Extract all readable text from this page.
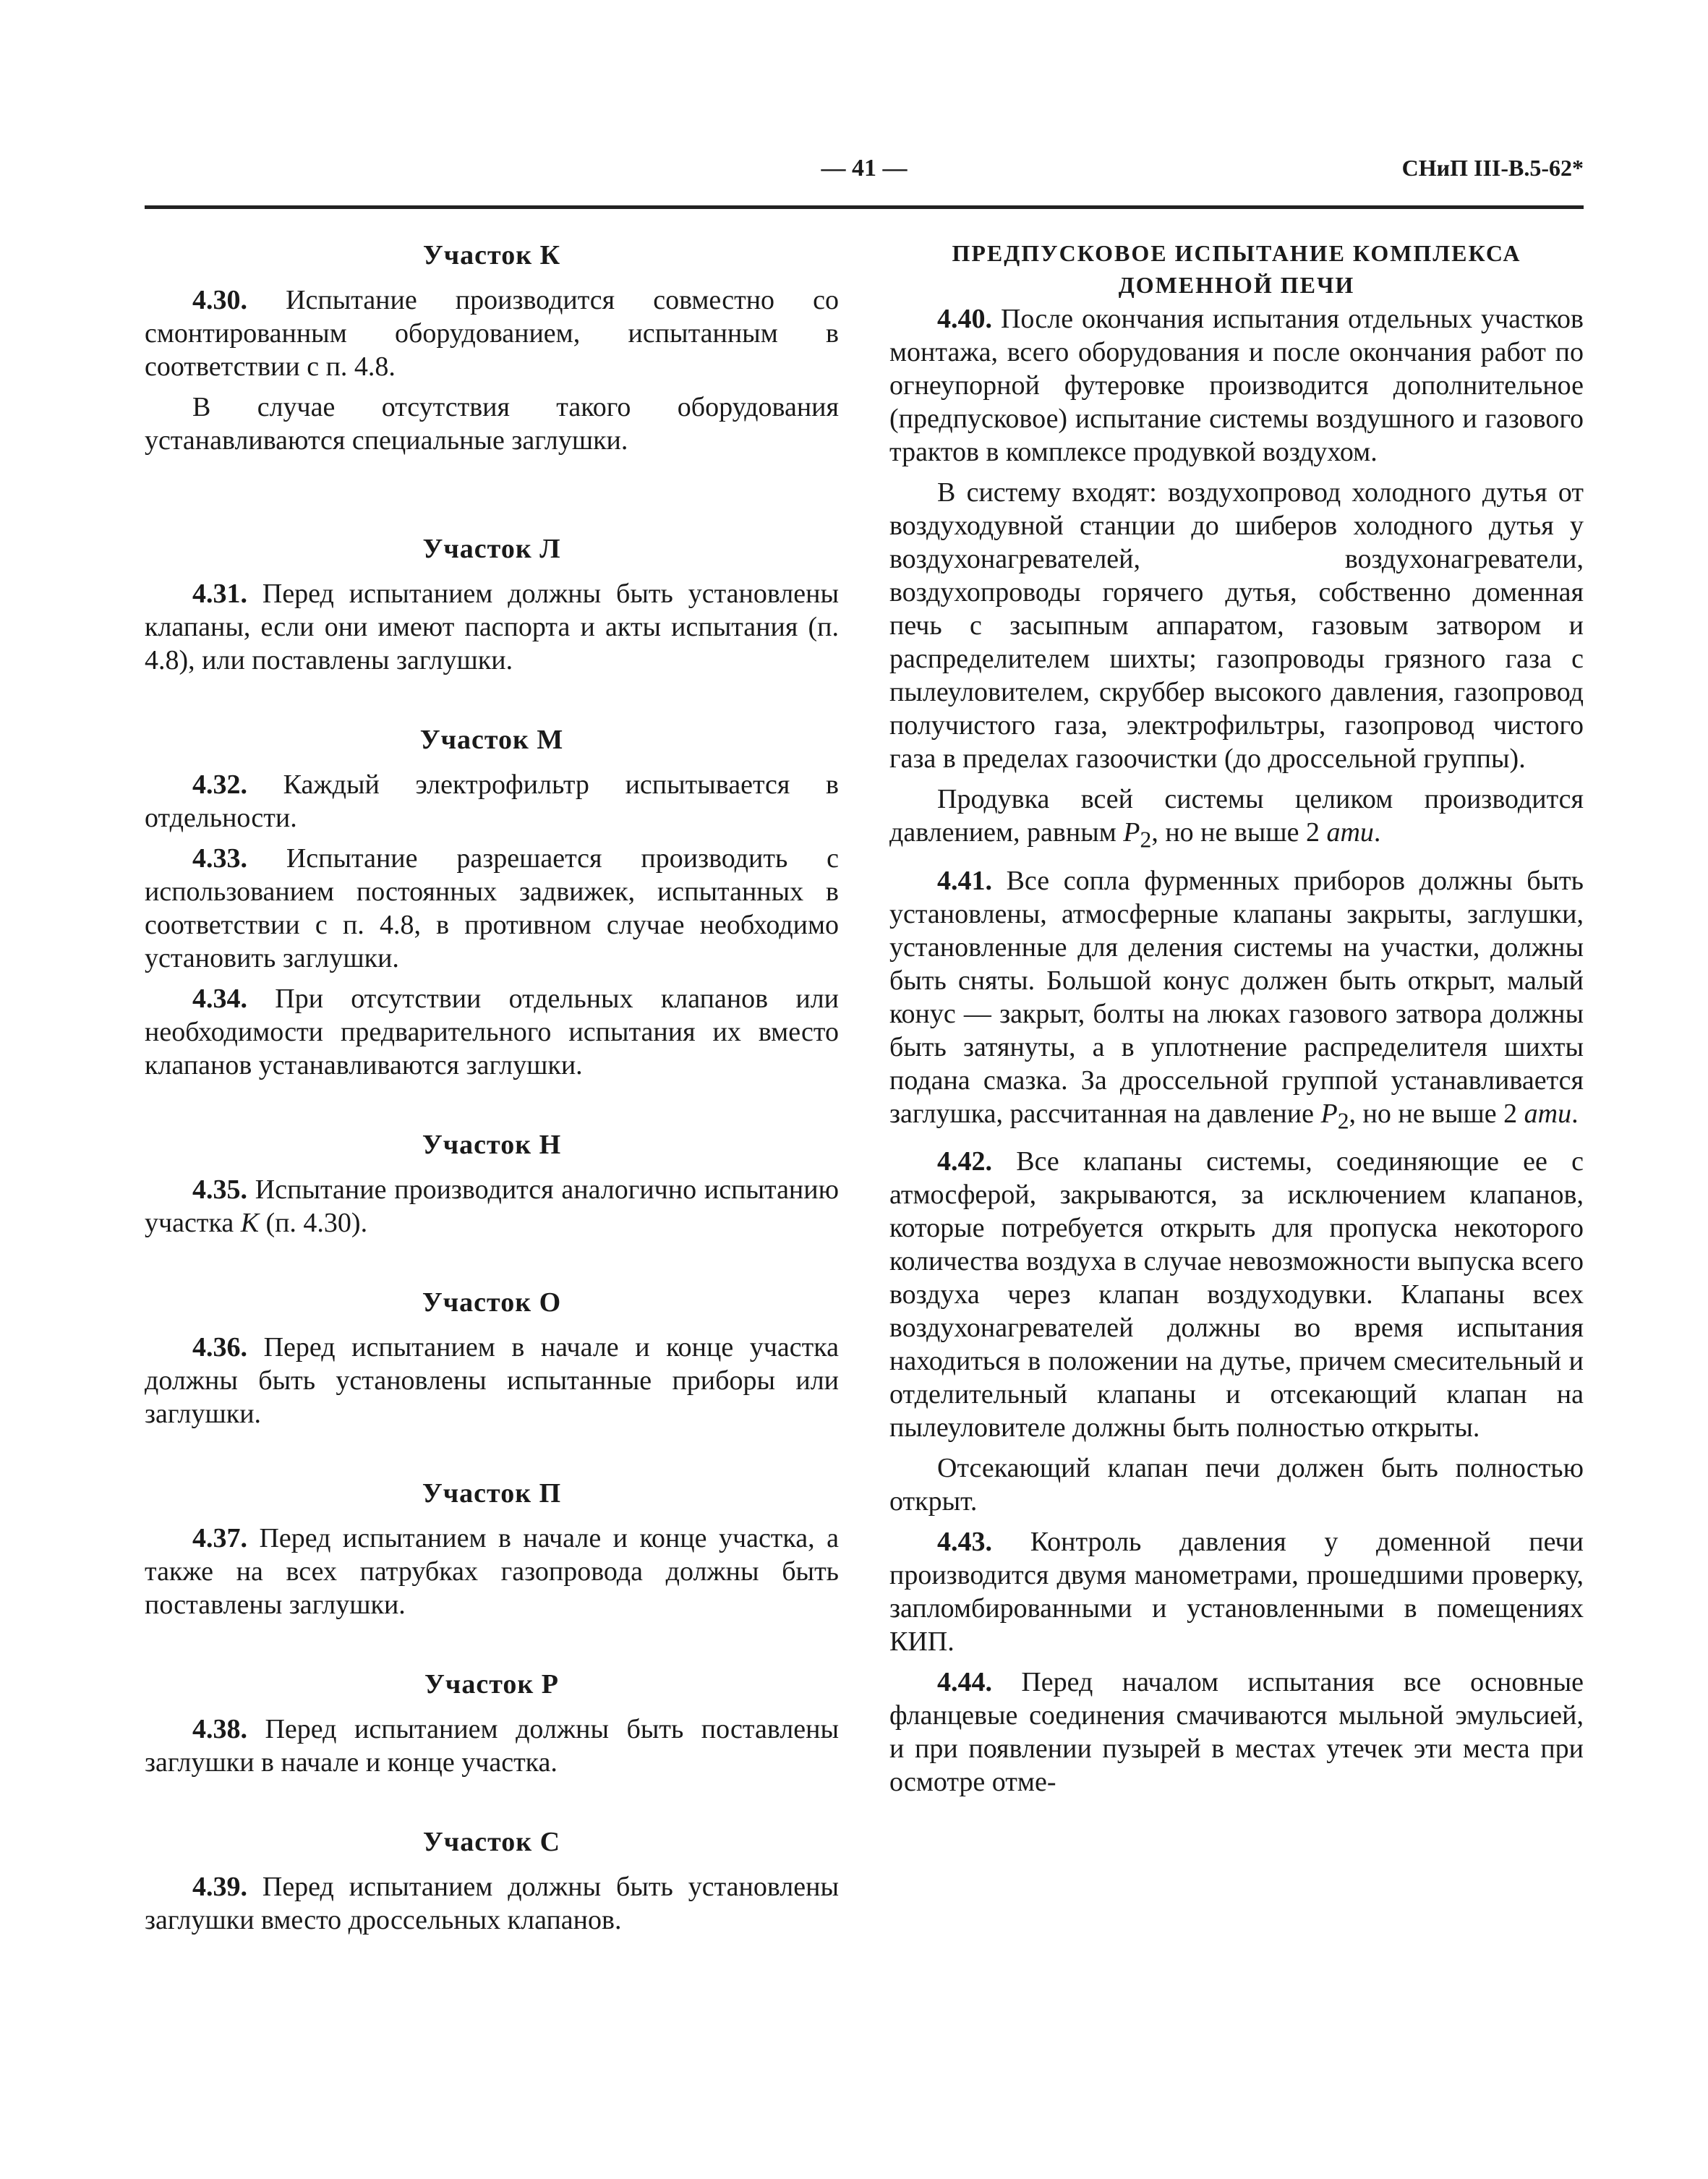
— 41 —	СНиП III-В.5-62*
Участок К

4.30. Испытание производится совместно со смонтированным оборудованием, испытанным в соответствии с п. 4.8.

В случае отсутствия такого оборудования устанавливаются специальные заглушки.

Участок Л

4.31. Перед испытанием должны быть установлены клапаны, если они имеют паспорта и акты испытания (п. 4.8), или поставлены заглушки.

Участок М

4.32. Каждый электрофильтр испытывается в отдельности.

4.33. Испытание разрешается производить с использованием постоянных задвижек, испытанных в соответствии с п. 4.8, в противном случае необходимо установить заглушки.

4.34. При отсутствии отдельных клапанов или необходимости предварительного испытания их вместо клапанов устанавливаются заглушки.

Участок Н

4.35. Испытание производится аналогично испытанию участка К (п. 4.30).

Участок О

4.36. Перед испытанием в начале и конце участка должны быть установлены испытанные приборы или заглушки.

Участок П

4.37. Перед испытанием в начале и конце участка, а также на всех патрубках газопровода должны быть поставлены заглушки.

Участок Р

4.38. Перед испытанием должны быть поставлены заглушки в начале и конце участка.

Участок С

4.39. Перед испытанием должны быть установлены заглушки вместо дроссельных клапанов.

ПРЕДПУСКОВОЕ ИСПЫТАНИЕ КОМПЛЕКСА
ДОМЕННОЙ ПЕЧИ

4.40. После окончания испытания отдельных участков монтажа, всего оборудования и после окончания работ по огнеупорной футеровке производится дополнительное (предпусковое) испытание системы воздушного и газового трактов в комплексе продувкой воздухом.

В систему входят: воздухопровод холодного дутья от воздуходувной станции до шиберов холодного дутья у воздухонагревателей, воздухонагреватели, воздухопроводы горячего дутья, собственно доменная печь с засыпным аппаратом, газовым затвором и распределителем шихты; газопроводы грязного газа с пылеуловителем, скруббер высокого давления, газопровод получистого газа, электрофильтры, газопровод чистого газа в пределах газоочистки (до дроссельной группы).

Продувка всей системы целиком производится давлением, равным $P_2$, но не выше 2 ати.

4.41. Все сопла фурменных приборов должны быть установлены, атмосферные клапаны закрыты, заглушки, установленные для деления системы на участки, должны быть сняты. Большой конус должен быть открыт, малый конус — закрыт, болты на люках газового затвора должны быть затянуты, а в уплотнение распределителя шихты подана смазка. За дроссельной группой устанавливается заглушка, рассчитанная на давление $P_2$, но не выше 2 ати.

4.42. Все клапаны системы, соединяющие ее с атмосферой, закрываются, за исключением клапанов, которые потребуется открыть для пропуска некоторого количества воздуха в случае невозможности выпуска всего воздуха через клапан воздуходувки. Клапаны всех воздухонагревателей должны во время испытания находиться в положении на дутье, причем смесительный и отделительный клапаны и отсекающий клапан на пылеуловителе должны быть полностью открыты.

Отсекающий клапан печи должен быть полностью открыт.

4.43. Контроль давления у доменной печи производится двумя манометрами, прошедшими проверку, запломбированными и установленными в помещениях КИП.

4.44. Перед началом испытания все основные фланцевые соединения смачиваются мыльной эмульсией, и при появлении пузырей в местах утечек эти места при осмотре отме-
